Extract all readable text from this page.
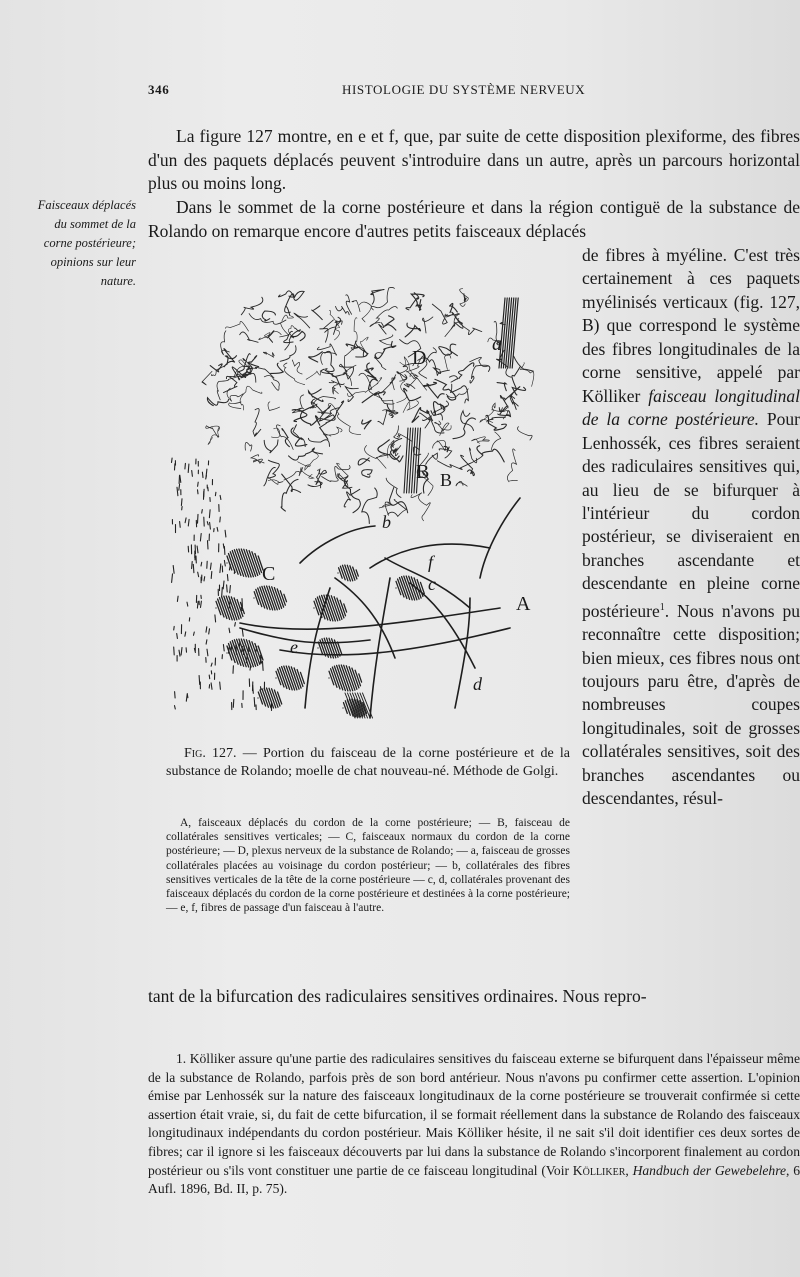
346	HISTOLOGIE DU SYSTÈME NERVEUX
Faisceaux déplacés du sommet de la corne postérieure; opinions sur leur nature.
La figure 127 montre, en e et f, que, par suite de cette disposition plexiforme, des fibres d'un des paquets déplacés peuvent s'introduire dans un autre, après un parcours horizontal plus ou moins long.
Dans le sommet de la corne postérieure et dans la région contiguë de la substance de Rolando on remarque encore d'autres petits faisceaux déplacés
de fibres à myéline. C'est très certainement à ces paquets myélinisés verticaux (fig. 127, B) que correspond le système des fibres longitudinales de la corne sensitive, appelé par Kölliker faisceau longitudinal de la corne postérieure. Pour Lenhossék, ces fibres seraient des radiculaires sensitives qui, au lieu de se bifurquer à l'intérieur du cordon postérieur, se diviseraient en branches ascendante et descendante en pleine corne postérieure$^1$. Nous n'avons pu reconnaître cette disposition; bien mieux, ces fibres nous ont toujours paru être, d'après de nombreuses coupes longitudinales, soit de grosses collatérales sensitives, soit des branches ascendantes ou descendantes, résul-
tant de la bifurcation des radiculaires sensitives ordinaires. Nous repro-
D
a
B B
b
f
C	c
A
e
d
Fig. 127. — Portion du faisceau de la corne postérieure et de la substance de Rolando; moelle de chat nouveau-né. Méthode de Golgi.
A, faisceaux déplacés du cordon de la corne postérieure; — B, faisceau de collatérales sensitives verticales; — C, faisceaux normaux du cordon de la corne postérieure; — D, plexus nerveux de la substance de Rolando; — a, faisceau de grosses collatérales placées au voisinage du cordon postérieur; — b, collatérales des fibres sensitives verticales de la tête de la corne postérieure — c, d, collatérales provenant des faisceaux déplacés du cordon de la corne postérieure et destinées à la corne postérieure; — e, f, fibres de passage d'un faisceau à l'autre.
1. Kölliker assure qu'une partie des radiculaires sensitives du faisceau externe se bifurquent dans l'épaisseur même de la substance de Rolando, parfois près de son bord antérieur. Nous n'avons pu confirmer cette assertion. L'opinion émise par Lenhossék sur la nature des faisceaux longitudinaux de la corne postérieure se trouverait confirmée si cette assertion était vraie, si, du fait de cette bifurcation, il se formait réellement dans la substance de Rolando des faisceaux longitudinaux indépendants du cordon postérieur. Mais Kölliker hésite, il ne sait s'il doit identifier ces deux sortes de fibres; car il ignore si les faisceaux découverts par lui dans la substance de Rolando s'incorporent finalement au cordon postérieur ou s'ils vont constituer une partie de ce faisceau longitudinal (Voir Kölliker, Handbuch der Gewebelehre, 6 Aufl. 1896, Bd. II, p. 75).
